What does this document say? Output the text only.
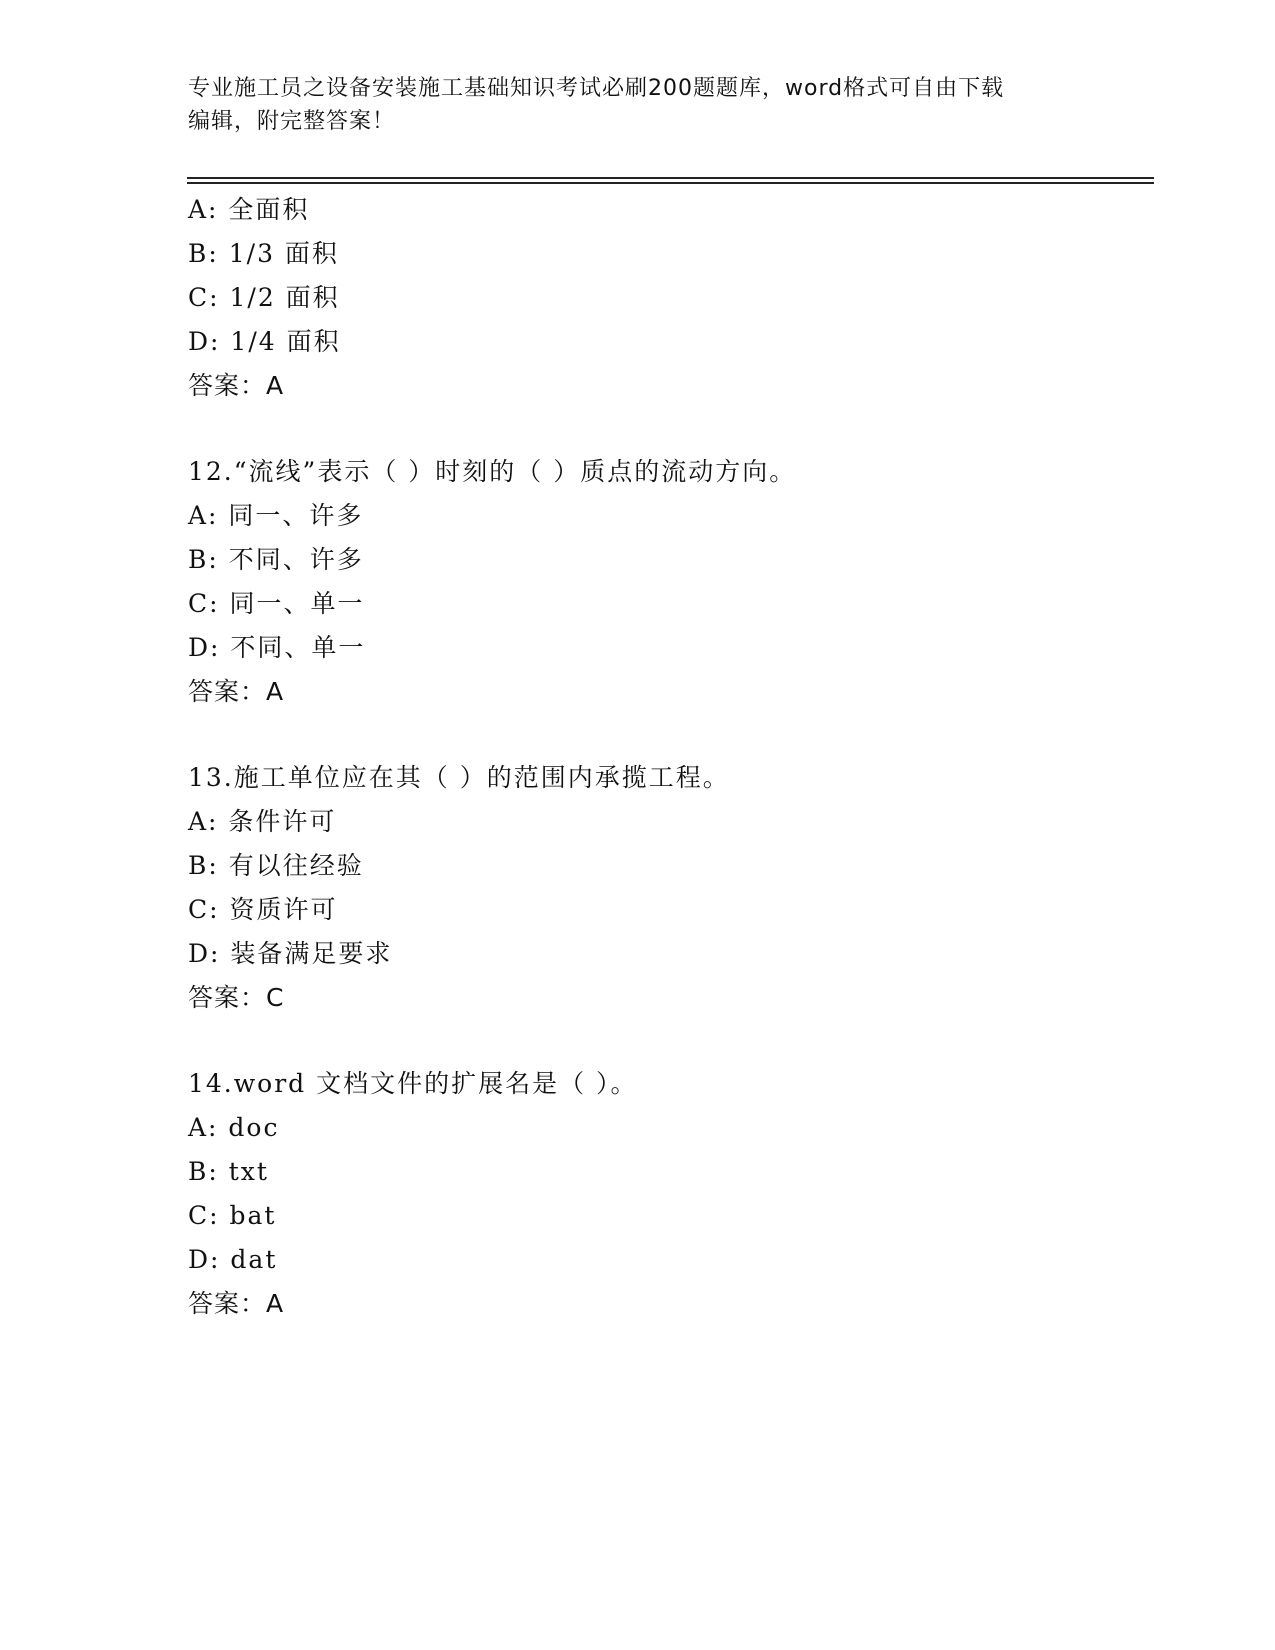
专业施工员之设备安装施工基础知识考试必刷200题题库，word格式可自由下载
编辑，附完整答案！
A: 全面积
B: 1/3 面积
C: 1/2 面积
D: 1/4 面积
答案：A
12.“流线”表示（ ）时刻的（ ）质点的流动方向。
A: 同一、许多
B: 不同、许多
C: 同一、单一
D: 不同、单一
答案：A
13.施工单位应在其（ ）的范围内承揽工程。
A: 条件许可
B: 有以往经验
C: 资质许可
D: 装备满足要求
答案：C
14.word 文档文件的扩展名是（ ）。
A: doc
B: txt
C: bat
D: dat
答案：A
